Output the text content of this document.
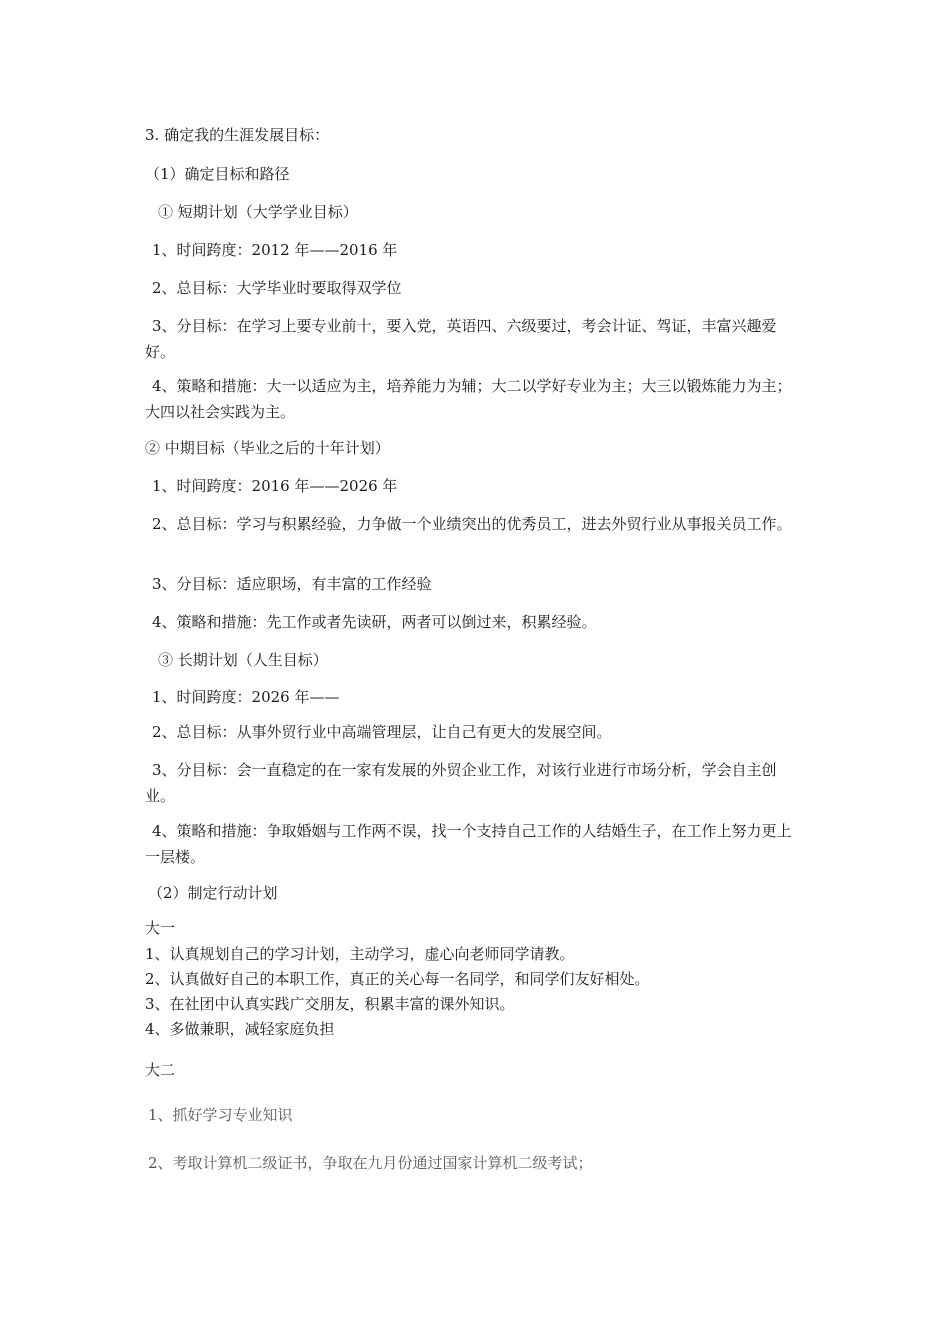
3. 确定我的生涯发展目标：
（1）确定目标和路径
① 短期计划（大学学业目标）
1、时间跨度：2012 年——2016 年
2、总目标：大学毕业时要取得双学位
3、分目标：在学习上要专业前十，要入党，英语四、六级要过，考会计证、驾证，丰富兴趣爱好。
4、策略和措施：大一以适应为主，培养能力为辅；大二以学好专业为主；大三以锻炼能力为主；大四以社会实践为主。
② 中期目标（毕业之后的十年计划）
1、时间跨度：2016 年——2026 年
2、总目标：学习与积累经验，力争做一个业绩突出的优秀员工，进去外贸行业从事报关员工作。
3、分目标：适应职场，有丰富的工作经验
4、策略和措施：先工作或者先读研，两者可以倒过来，积累经验。
③ 长期计划（人生目标）
1、时间跨度：2026 年——
2、总目标：从事外贸行业中高端管理层，让自己有更大的发展空间。
3、分目标：会一直稳定的在一家有发展的外贸企业工作，对该行业进行市场分析，学会自主创业。
4、策略和措施：争取婚姻与工作两不误，找一个支持自己工作的人结婚生子，在工作上努力更上一层楼。
（2）制定行动计划
大一
1、认真规划自己的学习计划，主动学习，虚心向老师同学请教。
2、认真做好自己的本职工作，真正的关心每一名同学，和同学们友好相处。
3、在社团中认真实践广交朋友，积累丰富的课外知识。
4、多做兼职，减轻家庭负担
大二
1、抓好学习专业知识
2、考取计算机二级证书，争取在九月份通过国家计算机二级考试；
